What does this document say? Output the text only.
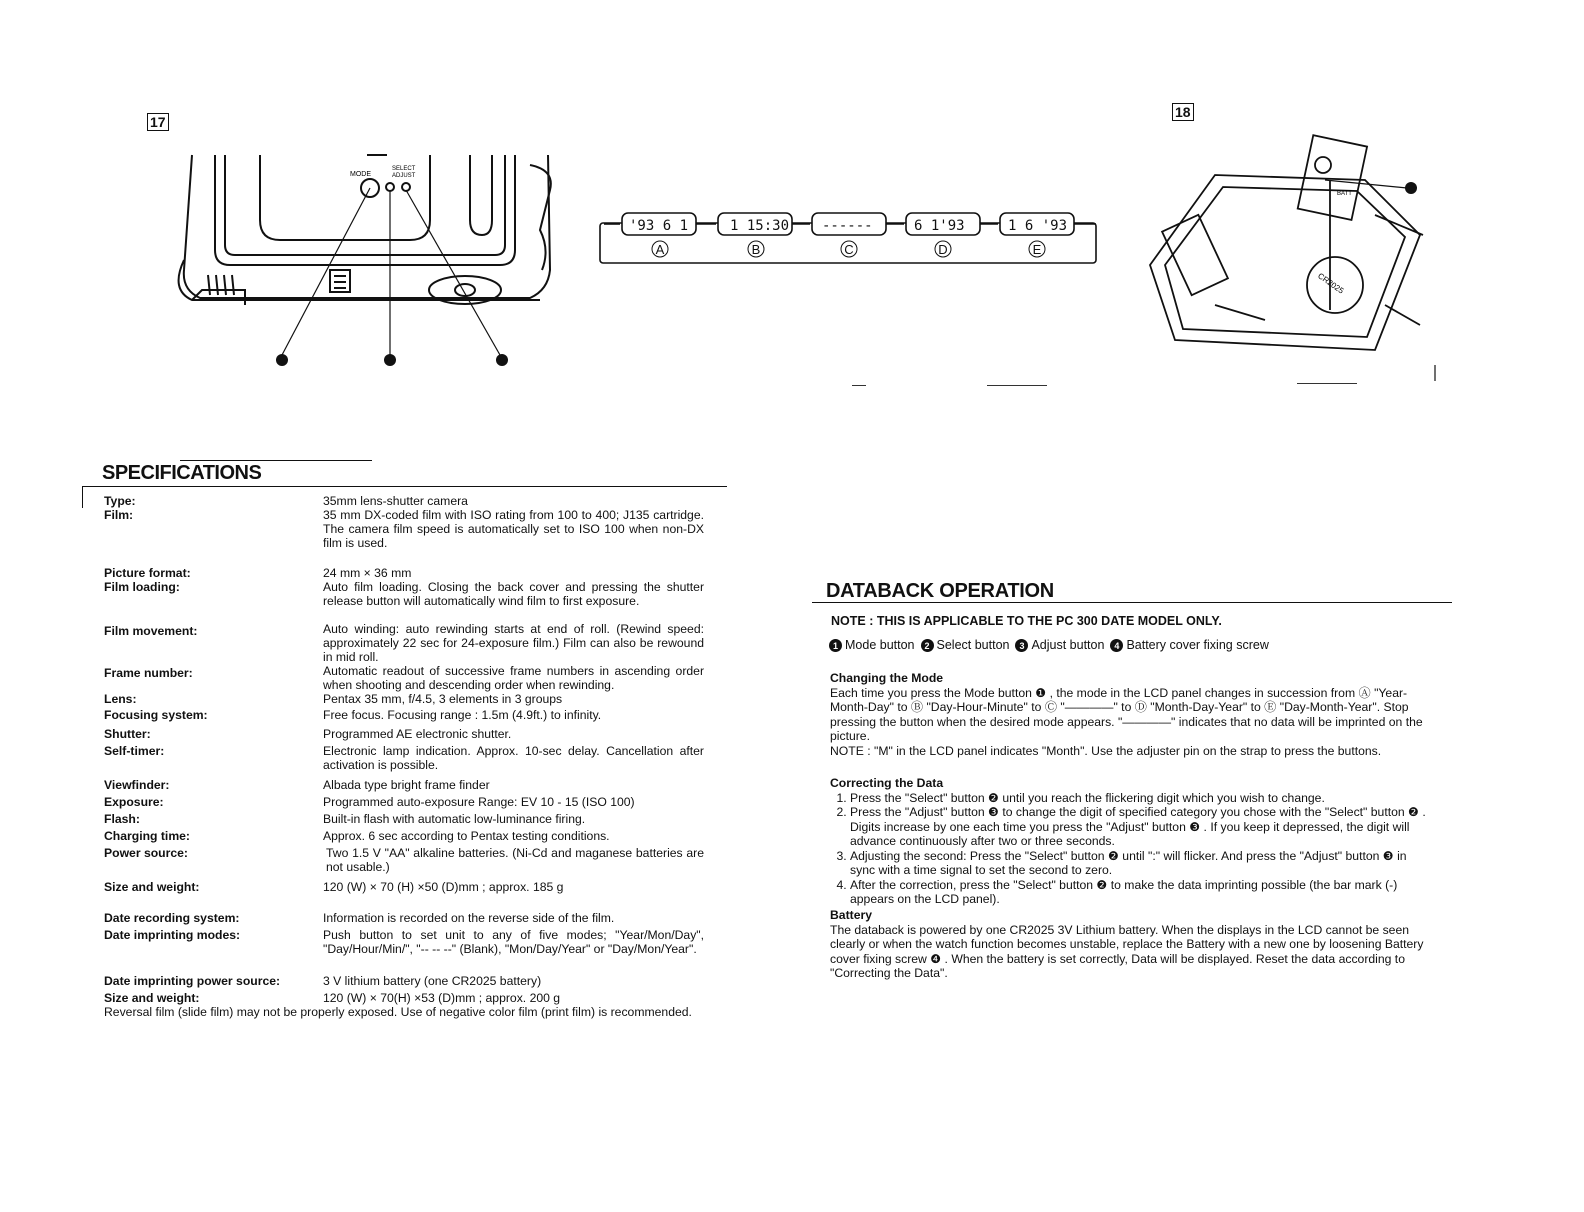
17
18
MODE
SELECT
ADJUST
'93 6 1	1 15:30 ------	6 1'93	1 6 '93
A	B	C	D	E
CR2025
BATT
SPECIFICATIONS
Type:	35mm lens-shutter camera
Film:	35 mm DX-coded film with ISO rating from 100 to 400; J135 cartridge. The camera film speed is automatically set to ISO 100 when non-DX film is used.
Picture format:	24 mm × 36 mm
Film loading:	Auto film loading. Closing the back cover and pressing the shutter release button will automatically wind film to first exposure.
Film movement:	Auto winding: auto rewinding starts at end of roll. (Rewind speed: approximately 22 sec for 24-exposure film.) Film can also be rewound in mid roll.
Frame number:	Automatic readout of successive frame numbers in ascending order when shooting and descending order when rewinding.
Lens:	Pentax 35 mm, f/4.5, 3 elements in 3 groups
Focusing system:	Free focus. Focusing range : 1.5m (4.9ft.) to infinity.
Shutter:	Programmed AE electronic shutter.
Self-timer:	Electronic lamp indication. Approx. 10-sec delay. Cancellation after activation is possible.
Viewfinder:	Albada type bright frame finder
Exposure:	Programmed auto-exposure Range: EV 10 - 15 (ISO 100)
Flash:	Built-in flash with automatic low-luminance firing.
Charging time:	Approx. 6 sec according to Pentax testing conditions.
Power source:	Two 1.5 V "AA" alkaline batteries. (Ni-Cd and maganese batteries are not usable.)
Size and weight:	120 (W) × 70 (H) ×50 (D)mm ; approx. 185 g
Date recording system:	Information is recorded on the reverse side of the film.
Date imprinting modes:	Push button to set unit to any of five modes; "Year/Mon/Day", "Day/Hour/Min/", "-- -- --" (Blank), "Mon/Day/Year" or "Day/Mon/Year".
Date imprinting power source:	3 V lithium battery (one CR2025 battery)
Size and weight:	120 (W) × 70(H) ×53 (D)mm ; approx. 200 g
Reversal film (slide film) may not be properly exposed. Use of negative color film (print film) is recommended.
DATABACK OPERATION
NOTE : THIS IS APPLICABLE TO THE PC 300 DATE MODEL ONLY.
1 Mode button	2 Select button	3 Adjust button	4 Battery cover fixing screw
Changing the Mode
Each time you press the Mode button ❶ , the mode in the LCD panel changes in succession from Ⓐ "Year-Month-Day" to Ⓑ "Day-Hour-Minute" to Ⓒ "————" to Ⓓ "Month-Day-Year" to Ⓔ "Day-Month-Year". Stop pressing the button when the desired mode appears. "————" indicates that no data will be imprinted on the picture.
NOTE : "M" in the LCD panel indicates "Month". Use the adjuster pin on the strap to press the buttons.
Correcting the Data
1. Press the "Select" button ❷ until you reach the flickering digit which you wish to change.
2. Press the "Adjust" button ❸ to change the digit of specified category you chose with the "Select" button ❷ . Digits increase by one each time you press the "Adjust" button ❸ . If you keep it depressed, the digit will advance continuously after two or three seconds.
3. Adjusting the second: Press the "Select" button ❷ until ":" will flicker. And press the "Adjust" button ❸ in sync with a time signal to set the second to zero.
4. After the correction, press the "Select" button ❷ to make the data imprinting possible (the bar mark (-) appears on the LCD panel).
Battery
The databack is powered by one CR2025 3V Lithium battery. When the displays in the LCD cannot be seen clearly or when the watch function becomes unstable, replace the Battery with a new one by loosening Battery cover fixing screw ❹ . When the battery is set correctly, Data will be displayed. Reset the data according to "Correcting the Data".
